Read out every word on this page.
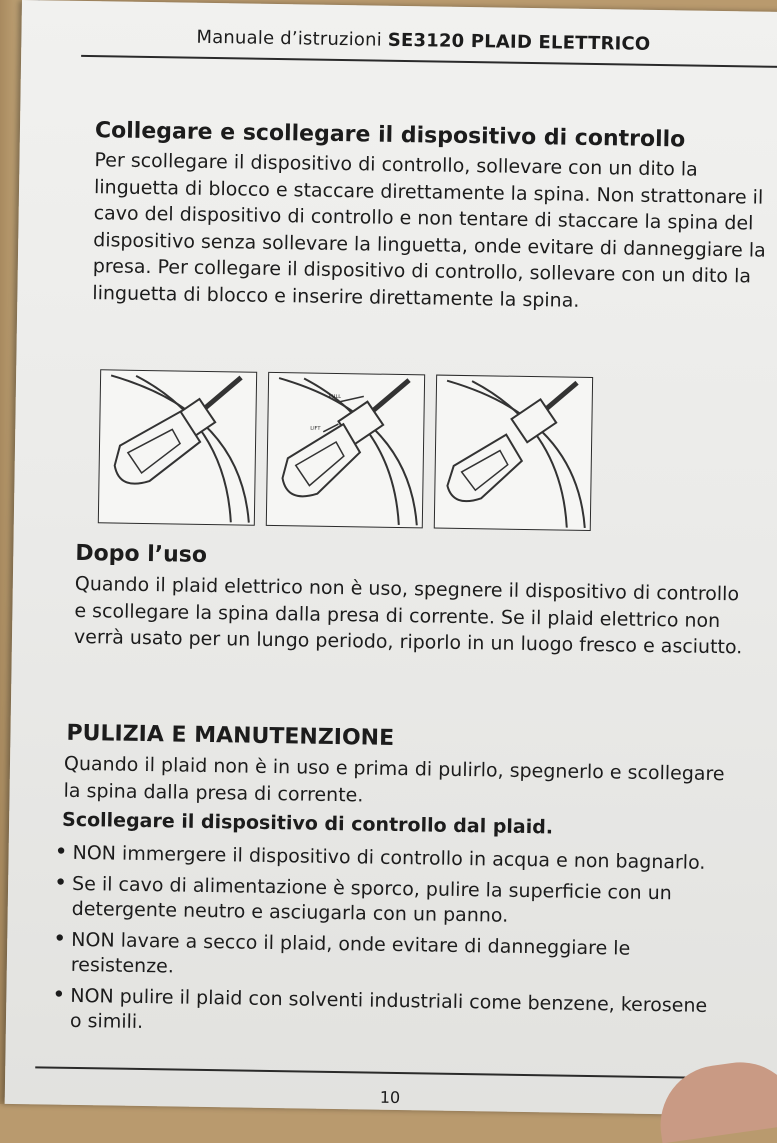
Manuale d’istruzioni SE3120 PLAID ELETTRICO
Collegare e scollegare il dispositivo di controllo

Per scollegare il dispositivo di controllo, sollevare con un dito la linguetta di blocco e staccare direttamente la spina. Non strattonare il cavo del dispositivo di controllo e non tentare di staccare la spina del dispositivo senza sollevare la linguetta, onde evitare di danneggiare la presa. Per collegare il dispositivo di controllo, sollevare con un dito la linguetta di blocco e inserire direttamente la spina.

PULL
LIFT
Dopo l’uso

Quando il plaid elettrico non è uso, spegnere il dispositivo di controllo e scollegare la spina dalla presa di corrente. Se il plaid elettrico non verrà usato per un lungo periodo, riporlo in un luogo fresco e asciutto.

PULIZIA E MANUTENZIONE

Quando il plaid non è in uso e prima di pulirlo, spegnerlo e scollegare la spina dalla presa di corrente.

Scollegare il dispositivo di controllo dal plaid.
• NON immergere il dispositivo di controllo in acqua e non bagnarlo.
• Se il cavo di alimentazione è sporco, pulire la superficie con un detergente neutro e asciugarla con un panno.
• NON lavare a secco il plaid, onde evitare di danneggiare le resistenze.
• NON pulire il plaid con solventi industriali come benzene, kerosene o simili.
10
